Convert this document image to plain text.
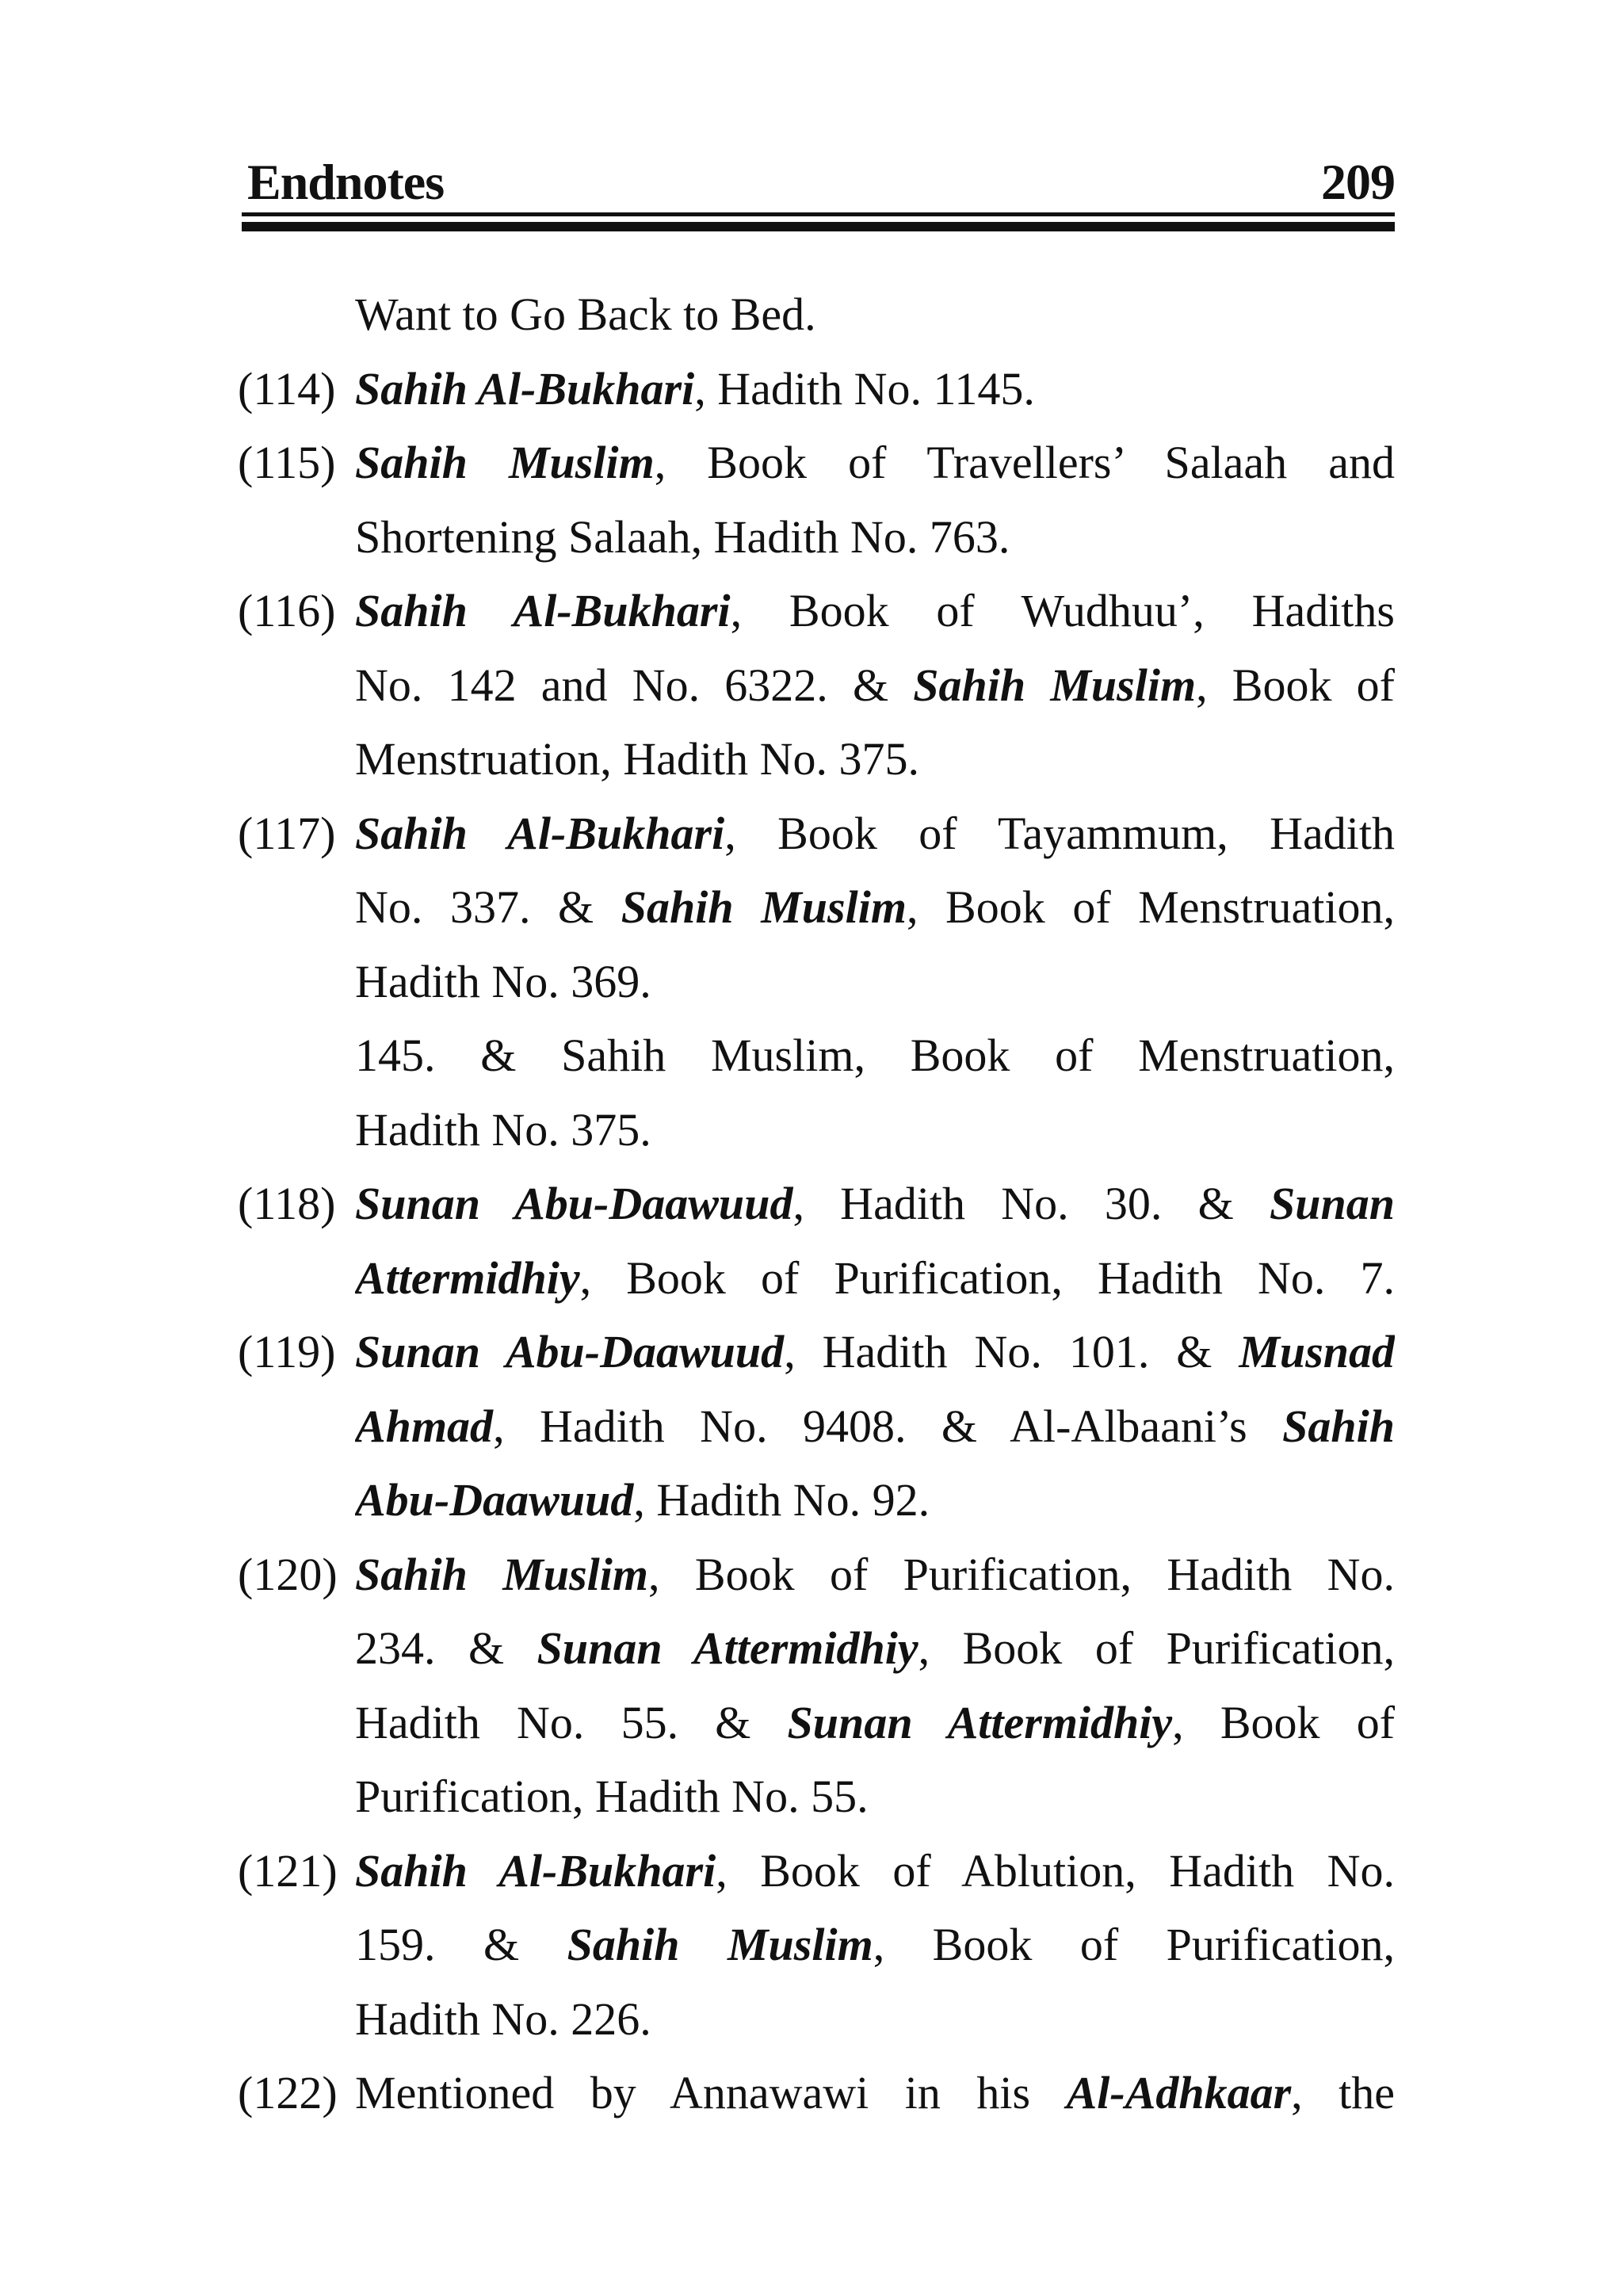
Endnotes	209
Want to Go Back to Bed.
(114) Sahih Al-Bukhari, Hadith No. 1145.
(115) Sahih Muslim, Book of Travellers’ Salaah and
Shortening Salaah, Hadith No. 763.
(116) Sahih Al-Bukhari, Book of Wudhuu’, Hadiths
No. 142 and No. 6322. & Sahih Muslim, Book of
Menstruation, Hadith No. 375.
(117) Sahih Al-Bukhari, Book of Tayammum, Hadith
No. 337. & Sahih Muslim, Book of Menstruation,
Hadith No. 369.
145. & Sahih Muslim, Book of Menstruation,
Hadith No. 375.
(118) Sunan Abu-Daawuud, Hadith No. 30. & Sunan
Attermidhiy, Book of Purification, Hadith No. 7.
(119) Sunan Abu-Daawuud, Hadith No. 101. & Musnad
Ahmad, Hadith No. 9408. & Al-Albaani’s Sahih
Abu-Daawuud, Hadith No. 92.
(120) Sahih Muslim, Book of Purification, Hadith No.
234. & Sunan Attermidhiy, Book of Purification,
Hadith No. 55. & Sunan Attermidhiy, Book of
Purification, Hadith No. 55.
(121) Sahih Al-Bukhari, Book of Ablution, Hadith No.
159. & Sahih Muslim, Book of Purification,
Hadith No. 226.
(122) Mentioned by Annawawi in his Al-Adhkaar, the
